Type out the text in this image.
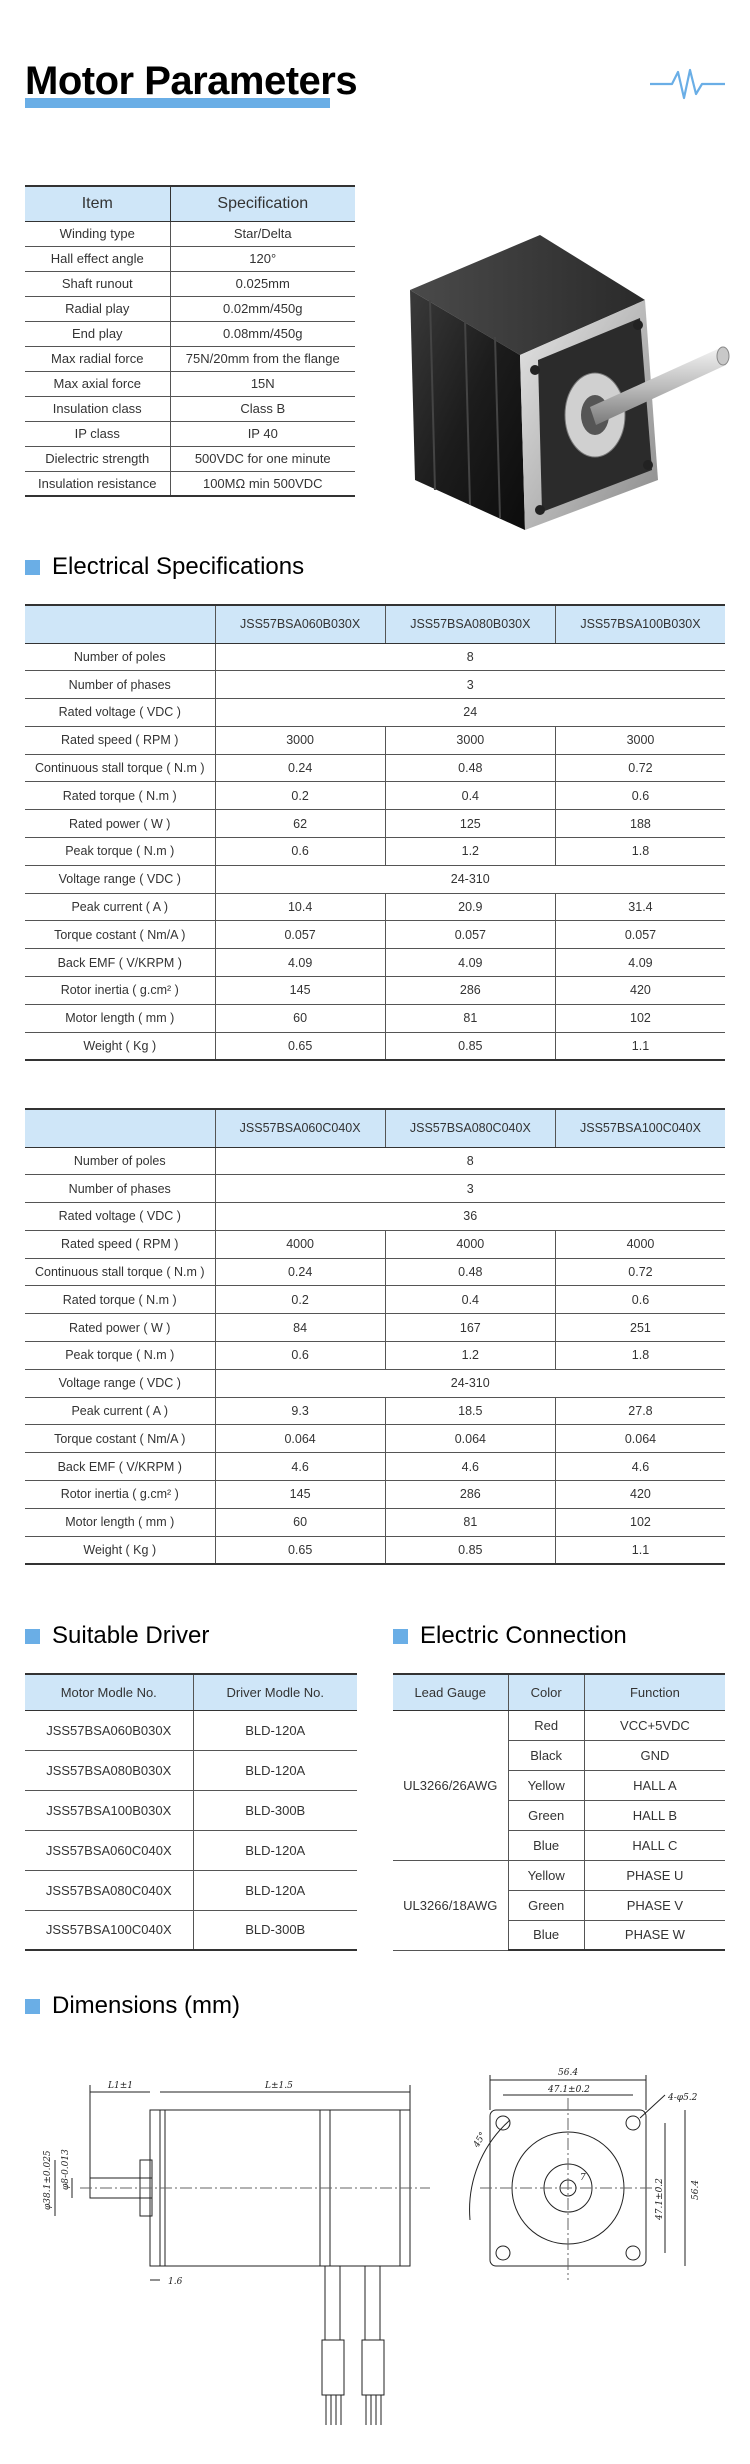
Motor Parameters
Item	Specification
Winding type	Star/Delta
Hall effect angle	120°
Shaft runout	0.025mm
Radial play	0.02mm/450g
End play	0.08mm/450g
Max radial force	75N/20mm from the flange
Max axial force	15N
Insulation class	Class B
IP class	IP 40
Dielectric strength	500VDC for one minute
Insulation resistance	100MΩ min 500VDC
Electrical Specifications
	JSS57BSA060B030X	JSS57BSA080B030X	JSS57BSA100B030X
Number of poles	8		
Number of phases	3		
Rated voltage ( VDC )	24		
Rated speed ( RPM )	3000	3000	3000
Continuous stall torque ( N.m )	0.24	0.48	0.72
Rated torque ( N.m )	0.2	0.4	0.6
Rated power ( W )	62	125	188
Peak torque ( N.m )	0.6	1.2	1.8
Voltage range ( VDC )	24-310		
Peak current ( A )	10.4	20.9	31.4
Torque costant ( Nm/A )	0.057	0.057	0.057
Back EMF ( V/KRPM )	4.09	4.09	4.09
Rotor inertia ( g.cm² )	145	286	420
Motor length ( mm )	60	81	102
Weight ( Kg )	0.65	0.85	1.1
	JSS57BSA060C040X	JSS57BSA080C040X	JSS57BSA100C040X
Number of poles	8		
Number of phases	3		
Rated voltage ( VDC )	36		
Rated speed ( RPM )	4000	4000	4000
Continuous stall torque ( N.m )	0.24	0.48	0.72
Rated torque ( N.m )	0.2	0.4	0.6
Rated power ( W )	84	167	251
Peak torque ( N.m )	0.6	1.2	1.8
Voltage range ( VDC )	24-310		
Peak current ( A )	9.3	18.5	27.8
Torque costant ( Nm/A )	0.064	0.064	0.064
Back EMF ( V/KRPM )	4.6	4.6	4.6
Rotor inertia ( g.cm² )	145	286	420
Motor length ( mm )	60	81	102
Weight ( Kg )	0.65	0.85	1.1
Suitable Driver
Motor Modle No.	Driver Modle No.
JSS57BSA060B030X	BLD-120A
JSS57BSA080B030X	BLD-120A
JSS57BSA100B030X	BLD-300B
JSS57BSA060C040X	BLD-120A
JSS57BSA080C040X	BLD-120A
JSS57BSA100C040X	BLD-300B
Electric Connection
Lead Gauge	Color	Function
UL3266/26AWG	Red	VCC+5VDC
	Black	GND
	Yellow	HALL A
	Green	HALL B
	Blue	HALL C
UL3266/18AWG	Yellow	PHASE U
	Green	PHASE V
	Blue	PHASE W
Dimensions (mm)
L1±1	L±1.5
φ8-0.013
φ38.1±0.025
1.6
56.4
47.1±0.2
4-φ5.2
47.1±0.2	56.4
45°
7
